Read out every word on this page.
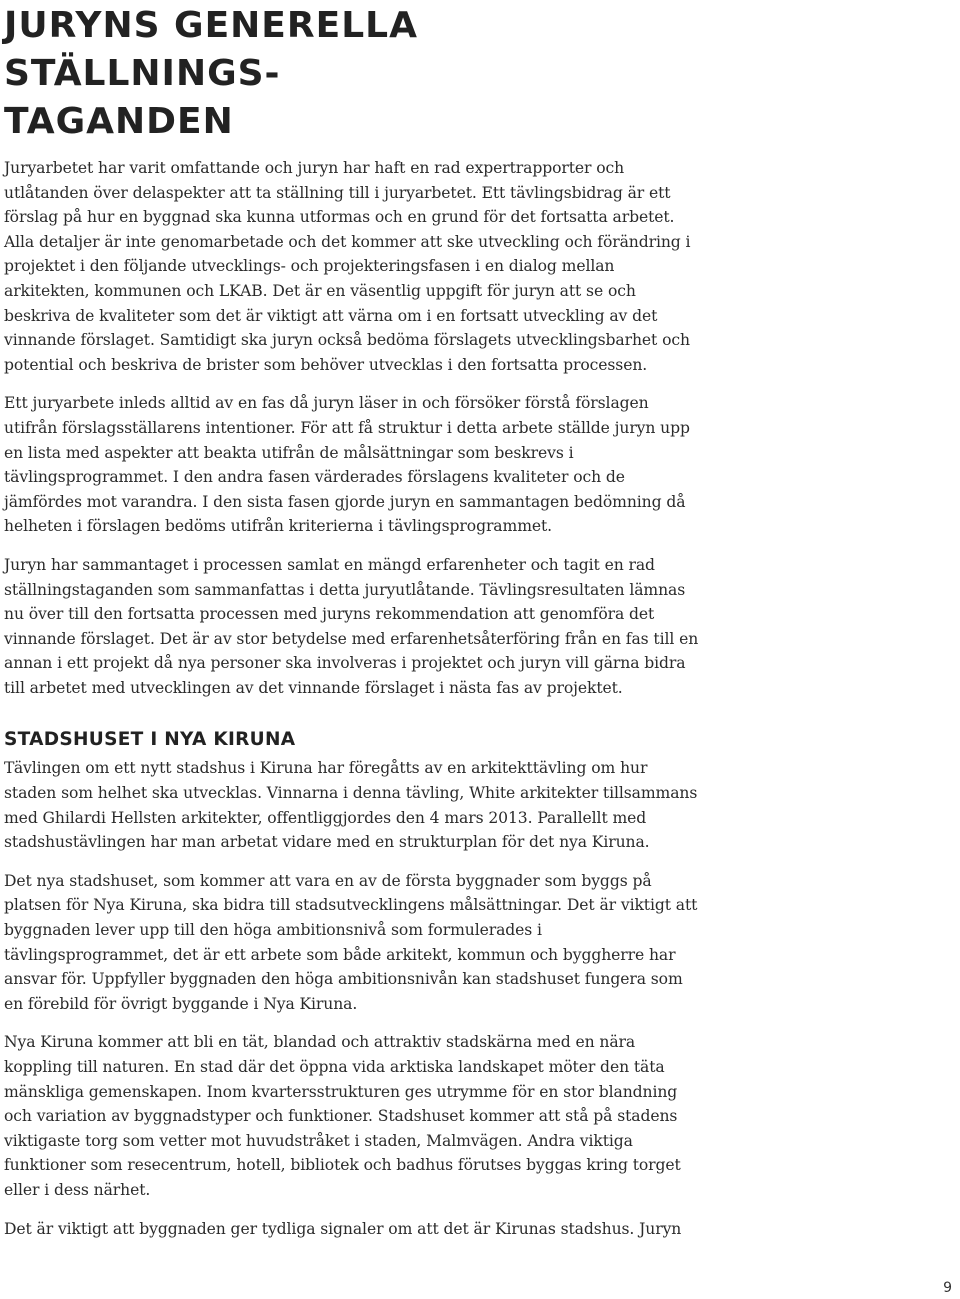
JURYNS GENERELLA STÄLLNINGS-
TAGANDEN

Juryarbetet har varit omfattande och juryn har haft en rad expertrapporter och utlåtanden över delaspekter att ta ställning till i juryarbetet. Ett tävlingsbidrag är ett förslag på hur en byggnad ska kunna utformas och en grund för det fortsatta arbetet. Alla detaljer är inte genomarbetade och det kommer att ske utveckling och förändring i projektet i den följande utvecklings- och projekteringsfasen i en dialog mellan arkitekten, kommunen och LKAB. Det är en väsentlig uppgift för juryn att se och beskriva de kvaliteter som det är viktigt att värna om i en fortsatt utveckling av det vinnande förslaget. Samtidigt ska juryn också bedöma förslagets utvecklingsbarhet och potential och beskriva de brister som behöver utvecklas i den fortsatta processen.

Ett juryarbete inleds alltid av en fas då juryn läser in och försöker förstå förslagen utifrån förslagsställarens intentioner. För att få struktur i detta arbete ställde juryn upp en lista med aspekter att beakta utifrån de målsättningar som beskrevs i tävlingsprogrammet. I den andra fasen värderades förslagens kvaliteter och de jämfördes mot varandra. I den sista fasen gjorde juryn en sammantagen bedömning då helheten i förslagen bedöms utifrån kriterierna i tävlingsprogrammet.

Juryn har sammantaget i processen samlat en mängd erfarenheter och tagit en rad ställningstaganden som sammanfattas i detta juryutlåtande. Tävlingsresultaten lämnas nu över till den fortsatta processen med juryns rekommendation att genomföra det vinnande förslaget. Det är av stor betydelse med erfarenhetsåterföring från en fas till en annan i ett projekt då nya personer ska involveras i projektet och juryn vill gärna bidra till arbetet med utvecklingen av det vinnande förslaget i nästa fas av projektet.

STADSHUSET I NYA KIRUNA

Tävlingen om ett nytt stadshus i Kiruna har föregåtts av en arkitekttävling om hur staden som helhet ska utvecklas. Vinnarna i denna tävling, White arkitekter tillsammans med Ghilardi Hellsten arkitekter, offentliggjordes den 4 mars 2013. Parallellt med stadshustävlingen har man arbetat vidare med en strukturplan för det nya Kiruna.

Det nya stadshuset, som kommer att vara en av de första byggnader som byggs på platsen för Nya Kiruna, ska bidra till stadsutvecklingens målsättningar. Det är viktigt att byggnaden lever upp till den höga ambitionsnivå som formulerades i tävlingsprogrammet, det är ett arbete som både arkitekt, kommun och byggherre har ansvar för. Uppfyller byggnaden den höga ambitionsnivån kan stadshuset fungera som en förebild för övrigt byggande i Nya Kiruna.

Nya Kiruna kommer att bli en tät, blandad och attraktiv stadskärna med en nära koppling till naturen. En stad där det öppna vida arktiska landskapet möter den täta mänskliga gemenskapen. Inom kvartersstrukturen ges utrymme för en stor blandning och variation av byggnadstyper och funktioner. Stadshuset kommer att stå på stadens viktigaste torg som vetter mot huvudstråket i staden, Malmvägen. Andra viktiga funktioner som resecentrum, hotell, bibliotek och badhus förutses byggas kring torget eller i dess närhet.

Det är viktigt att byggnaden ger tydliga signaler om att det är Kirunas stadshus. Juryn

9
